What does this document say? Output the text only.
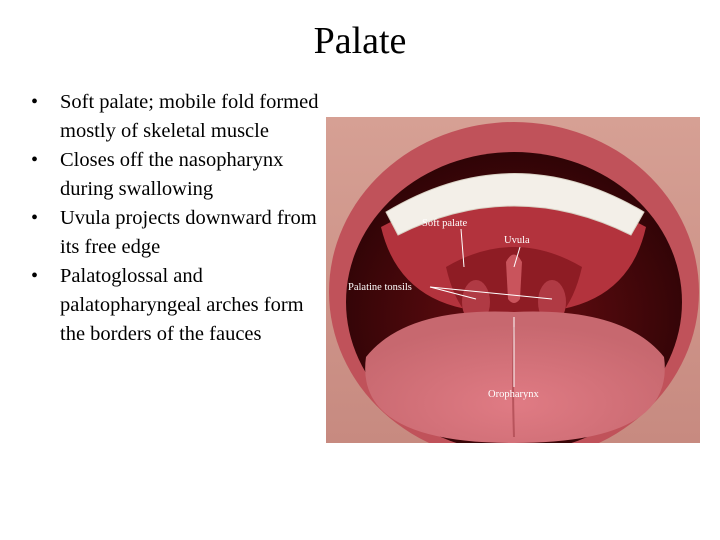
Palate
• Soft palate; mobile fold formed mostly of skeletal muscle
• Closes off the nasopharynx during swallowing
• Uvula projects downward from its free edge
• Palatoglossal and palatopharyngeal arches form the borders of the fauces
Soft palate
Uvula
Palatine tonsils
Oropharynx
